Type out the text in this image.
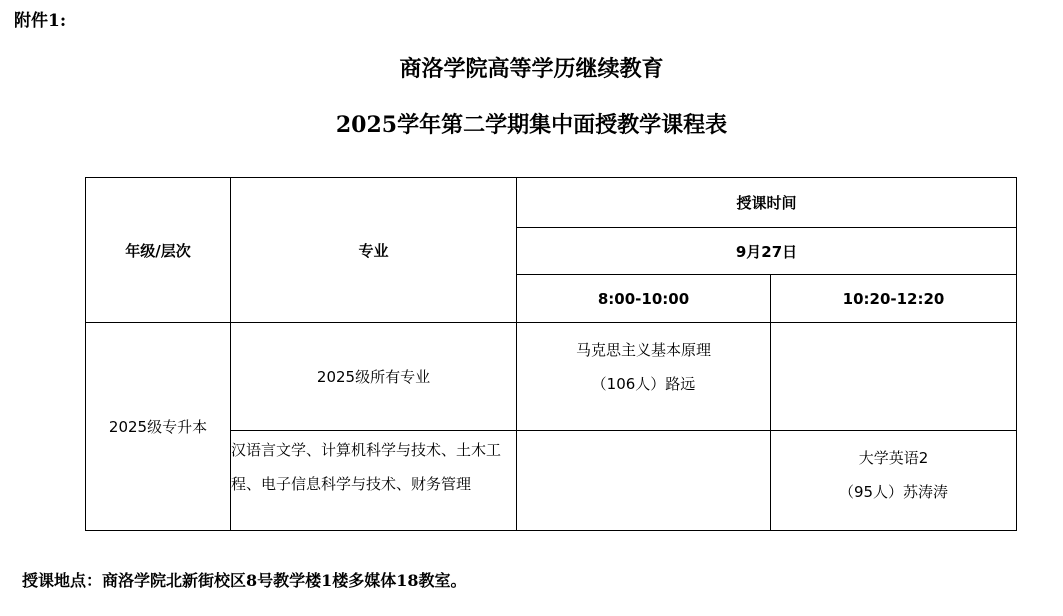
附件1:

商洛学院高等学历继续教育
2025学年第二学期集中面授教学课程表
年级/层次	专业	授课时间	
		9月27日	
		8:00-10:00	10:20-12:20
2025级专升本	2025级所有专业	马克思主义基本原理
（106人）路远	

	汉语言文学、计算机科学与技术、土木工程、电子信息科学与技术、财务管理		大学英语2
（95人）苏涛涛

授课地点：商洛学院北新街校区8号教学楼1楼多媒体18教室。
